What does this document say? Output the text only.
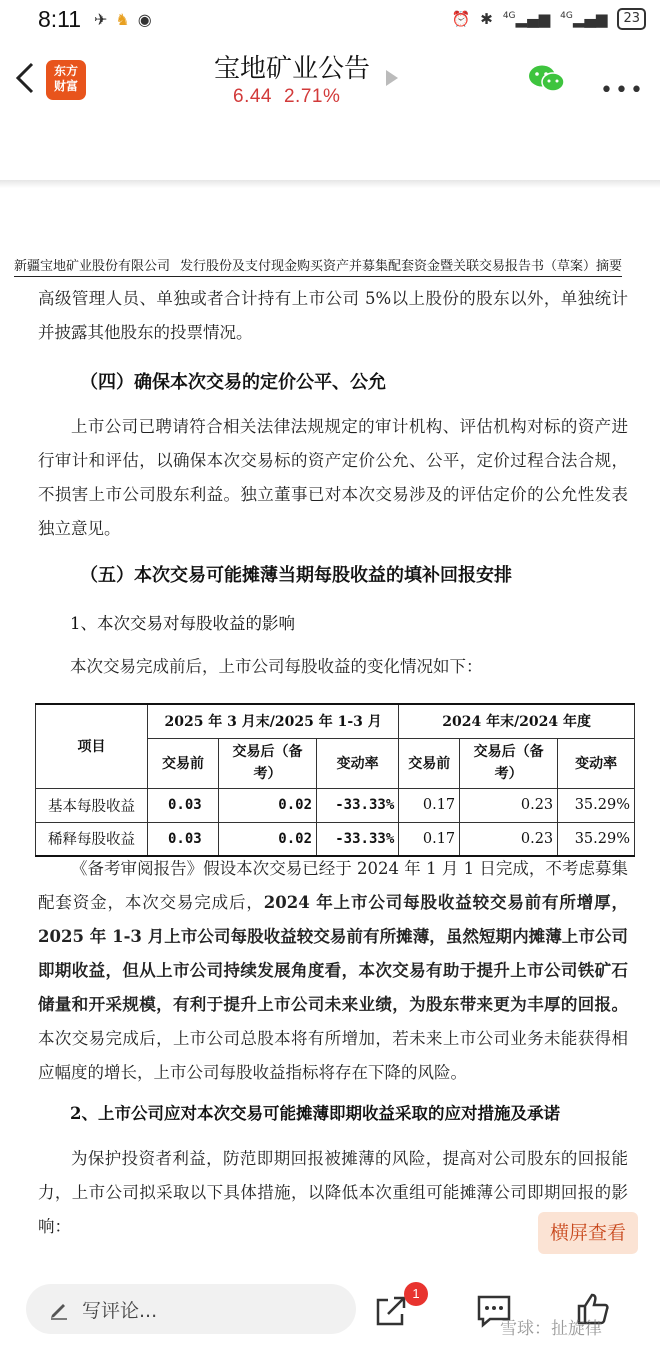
8:11 ✈ ♞ ◉	⏰ ✱ $^{4G}$▂▄▆ $^{4G}$▂▄▆	23
东方
财富
宝地矿业公告
6.44 2.71%	•••
新疆宝地矿业股份有限公司 发行股份及支付现金购买资产并募集配套资金暨关联交易报告书（草案）摘要
高级管理人员、单独或者合计持有上市公司 5%以上股份的股东以外，单独统计并披露其他股东的投票情况。
（四）确保本次交易的定价公平、公允
上市公司已聘请符合相关法律法规规定的审计机构、评估机构对标的资产进行审计和评估，以确保本次交易标的资产定价公允、公平，定价过程合法合规，不损害上市公司股东利益。独立董事已对本次交易涉及的评估定价的公允性发表独立意见。
（五）本次交易可能摊薄当期每股收益的填补回报安排
1、本次交易对每股收益的影响
本次交易完成前后，上市公司每股收益的变化情况如下：
项目	2025 年 3 月末/2025 年 1-3 月			2024 年末/2024 年度		
	交易前	交易后（备考）	变动率	交易前	交易后（备考）	变动率
基本每股收益	0.03	0.02	-33.33%	0.17	0.23	35.29%
稀释每股收益	0.03	0.02	-33.33%	0.17	0.23	35.29%
《备考审阅报告》假设本次交易已经于 2024 年 1 月 1 日完成，不考虑募集配套资金，本次交易完成后，2024 年上市公司每股收益较交易前有所增厚，2025 年 1-3 月上市公司每股收益较交易前有所摊薄，虽然短期内摊薄上市公司即期收益，但从上市公司持续发展角度看，本次交易有助于提升上市公司铁矿石储量和开采规模，有利于提升上市公司未来业绩，为股东带来更为丰厚的回报。本次交易完成后，上市公司总股本将有所增加，若未来上市公司业务未能获得相应幅度的增长，上市公司每股收益指标将存在下降的风险。
2、上市公司应对本次交易可能摊薄即期收益采取的应对措施及承诺
为保护投资者利益，防范即期回报被摊薄的风险，提高对公司股东的回报能力，上市公司拟采取以下具体措施，以降低本次重组可能摊薄公司即期回报的影响：	横屏查看
写评论...
1
雪球：扯旋律
